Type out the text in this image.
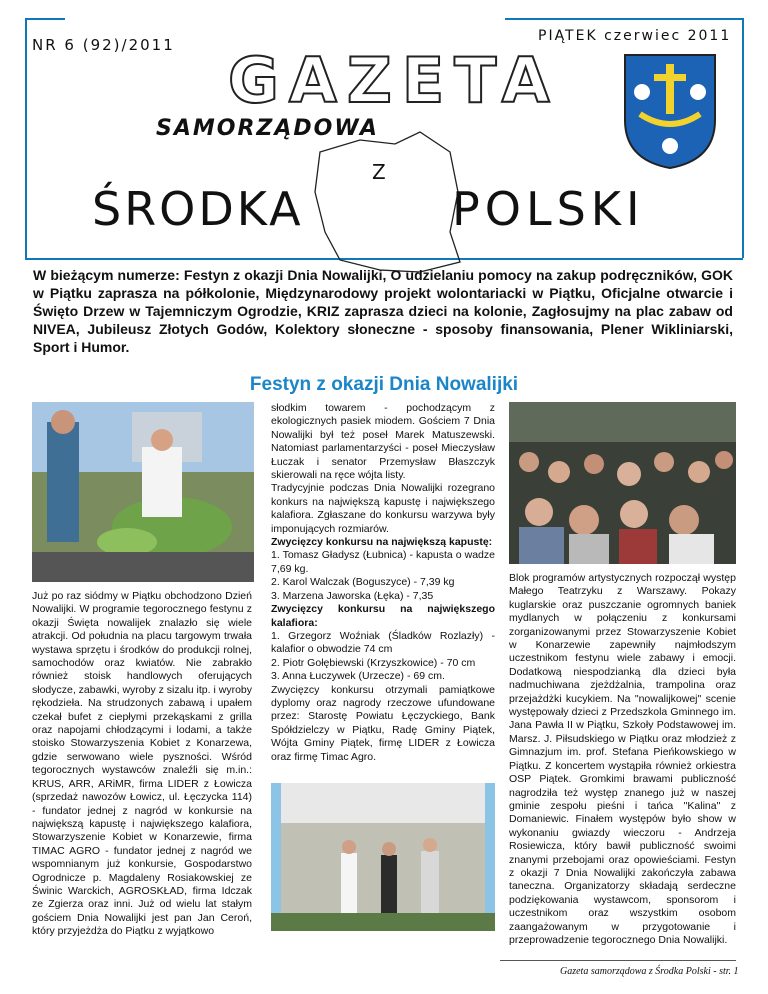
NR 6 (92)/2011	PIĄTEK czerwiec 2011
GAZETA
SAMORZĄDOWA
Z
ŚRODKA	POLSKI
W bieżącym numerze: Festyn z okazji Dnia Nowalijki, O udzielaniu pomocy na zakup podręczników, GOK w Piątku zaprasza na półkolonie, Międzynarodowy projekt wolontariacki w Piątku, Oficjalne otwarcie i Święto Drzew w Tajemniczym Ogrodzie, KRIZ zaprasza dzieci na kolonie, Zagłosujmy na plac zabaw od NIVEA, Jubileusz Złotych Godów, Kolektory słoneczne - sposoby finansowania, Plener Wikliniarski, Sport i Humor.
Festyn z okazji Dnia Nowalijki

Już po raz siódmy w Piątku obchodzono Dzień Nowalijki. W programie tegorocznego festynu z okazji Święta nowalijek znalazło się wiele atrakcji. Od południa na placu targowym trwała wystawa sprzętu i środków do produkcji rolnej, samochodów oraz kwiatów. Nie zabrakło również stoisk handlowych oferujących słodycze, zabawki, wyroby z sizalu itp. i wyroby rękodzieła. Na strudzonych zabawą i upałem czekał bufet z ciepłymi przekąskami z grilla oraz napojami chłodzącymi i lodami, a także stoisko Stowarzyszenia Kobiet z Konarzewa, gdzie serwowano wiele pyszności. Wśród tegorocznych wystawców znaleźli się m.in.: KRUS, ARR, ARiMR, firma LIDER z Łowicza (sprzedaż nawozów Łowicz, ul. Łęczycka 114) - fundator jednej z nagród w konkursie na największą kapustę i największego kalafiora, Stowarzyszenie Kobiet w Konarzewie, firma TIMAC AGRO - fundator jednej z nagród we wspomnianym już konkursie, Gospodarstwo Ogrodnicze p. Magdaleny Rosiakowskiej ze Świnic Warckich, AGROSKŁAD, firma Idczak ze Zgierza oraz inni. Już od wielu lat stałym gościem Dnia Nowalijki jest pan Jan Ceroń, który przyjeżdża do Piątku z wyjątkowo

słodkim towarem - pochodzącym z ekologicznych pasiek miodem. Gościem 7 Dnia Nowalijki był też poseł Marek Matuszewski. Natomiast parlamentarzyści - poseł Mieczysław Łuczak i senator Przemysław Błaszczyk skierowali na ręce wójta listy.

Tradycyjnie podczas Dnia Nowalijki rozegrano konkurs na największą kapustę i największego kalafiora. Zgłaszane do konkursu warzywa były imponujących rozmiarów.

Zwycięzcy konkursu na największą kapustę:

1. Tomasz Gładysz (Łubnica) - kapusta o wadze 7,69 kg.

2. Karol Walczak (Boguszyce) - 7,39 kg

3. Marzena Jaworska (Łęka) - 7,35

Zwycięzcy konkursu na największego kalafiora:

1. Grzegorz Woźniak (Śladków Rozlazły) - kalafior o obwodzie 74 cm

2. Piotr Gołębiewski (Krzyszkowice) - 70 cm

3. Anna Łuczywek (Urzecze) - 69 cm.

Zwycięzcy konkursu otrzymali pamiątkowe dyplomy oraz nagrody rzeczowe ufundowane przez: Starostę Powiatu Łęczyckiego, Bank Spółdzielczy w Piątku, Radę Gminy Piątek, Wójta Gminy Piątek, firmę LIDER z Łowicza oraz firmę Timac Agro.

Blok programów artystycznych rozpoczął występ Małego Teatrzyku z Warszawy. Pokazy kuglarskie oraz puszczanie ogromnych baniek mydlanych w połączeniu z konkursami zorganizowanymi przez Stowarzyszenie Kobiet w Konarzewie zapewniły najmłodszym uczestnikom festynu wiele zabawy i emocji. Dodatkową niespodzianką dla dzieci była nadmuchiwana zjeżdżalnia, trampolina oraz przejażdżki kucykiem. Na "nowalijkowej" scenie występowały dzieci z Przedszkola Gminnego im. Jana Pawła II w Piątku, Szkoły Podstawowej im. Marsz. J. Piłsudskiego w Piątku oraz młodzież z Gimnazjum im. prof. Stefana Pieńkowskiego w Piątku. Z koncertem wystąpiła również orkiestra OSP Piątek. Gromkimi brawami publiczność nagrodziła też występ znanego już w naszej gminie zespołu pieśni i tańca "Kalina" z Domaniewic. Finałem występów było show w wykonaniu gwiazdy wieczoru - Andrzeja Rosiewicza, który bawił publiczność swoimi znanymi przebojami oraz opowieściami. Festyn z okazji 7 Dnia Nowalijki zakończyła zabawa taneczna. Organizatorzy składają serdeczne podziękowania wystawcom, sponsorom i uczestnikom oraz wszystkim osobom zaangażowanym w przygotowanie i przeprowadzenie tegorocznego Dnia Nowalijki.

Gazeta samorządowa z Środka Polski - str. 1
